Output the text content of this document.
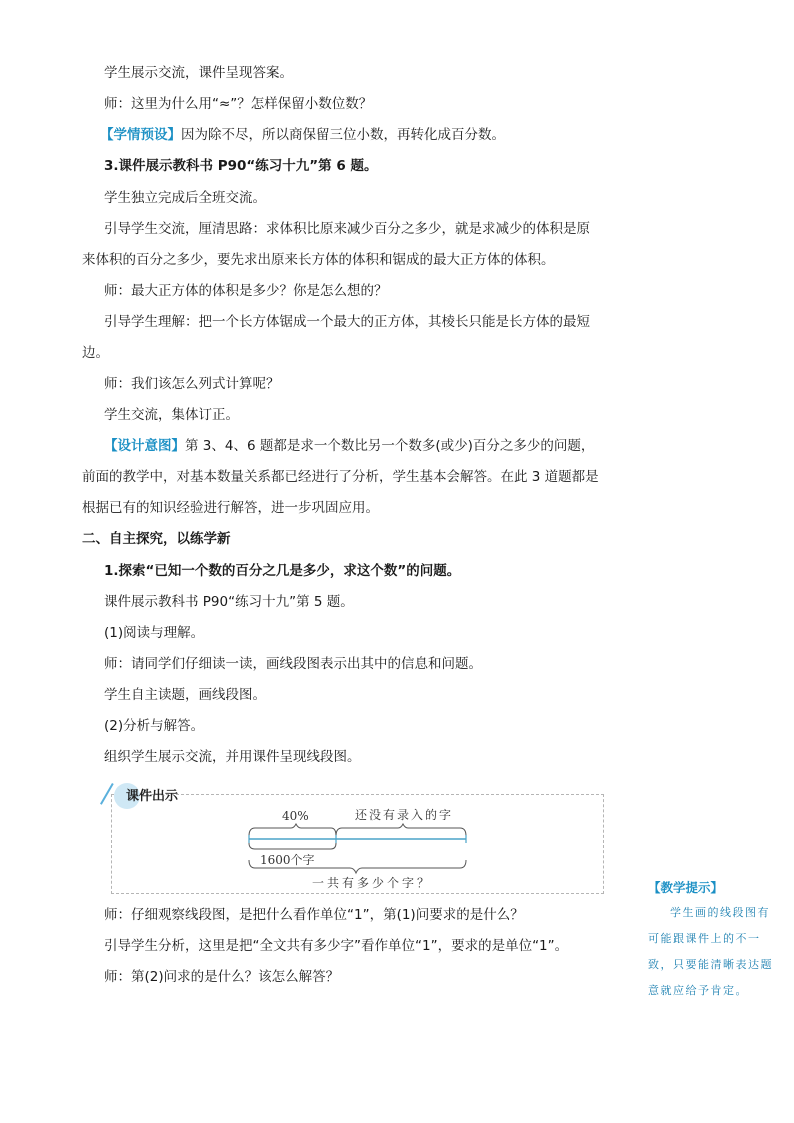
学生展示交流，课件呈现答案。
师：这里为什么用“≈”？怎样保留小数位数？
【学情预设】因为除不尽，所以商保留三位小数，再转化成百分数。
3.课件展示教科书 P90“练习十九”第 6 题。
学生独立完成后全班交流。
引导学生交流，厘清思路：求体积比原来减少百分之多少，就是求减少的体积是原
来体积的百分之多少，要先求出原来长方体的体积和锯成的最大正方体的体积。
师：最大正方体的体积是多少？你是怎么想的？
引导学生理解：把一个长方体锯成一个最大的正方体，其棱长只能是长方体的最短
边。
师：我们该怎么列式计算呢？
学生交流，集体订正。
【设计意图】第 3、4、6 题都是求一个数比另一个数多(或少)百分之多少的问题，
前面的教学中，对基本数量关系都已经进行了分析，学生基本会解答。在此 3 道题都是
根据已有的知识经验进行解答，进一步巩固应用。
二、自主探究，以练学新
1.探索“已知一个数的百分之几是多少，求这个数”的问题。
课件展示教科书 P90“练习十九”第 5 题。
(1)阅读与理解。
师：请同学们仔细读一读，画线段图表示出其中的信息和问题。
学生自主读题，画线段图。
(2)分析与解答。
组织学生展示交流，并用课件呈现线段图。
课件出示
40%	还没有录入的字
1600个字
一共有多少个字？
师：仔细观察线段图，是把什么看作单位“1”，第(1)问要求的是什么？
引导学生分析，这里是把“全文共有多少字”看作单位“1”，要求的是单位“1”。
师：第(2)问求的是什么？该怎么解答？
【教学提示】
学生画的线段图有可能跟课件上的不一致，只要能清晰表达题意就应给予肯定。
